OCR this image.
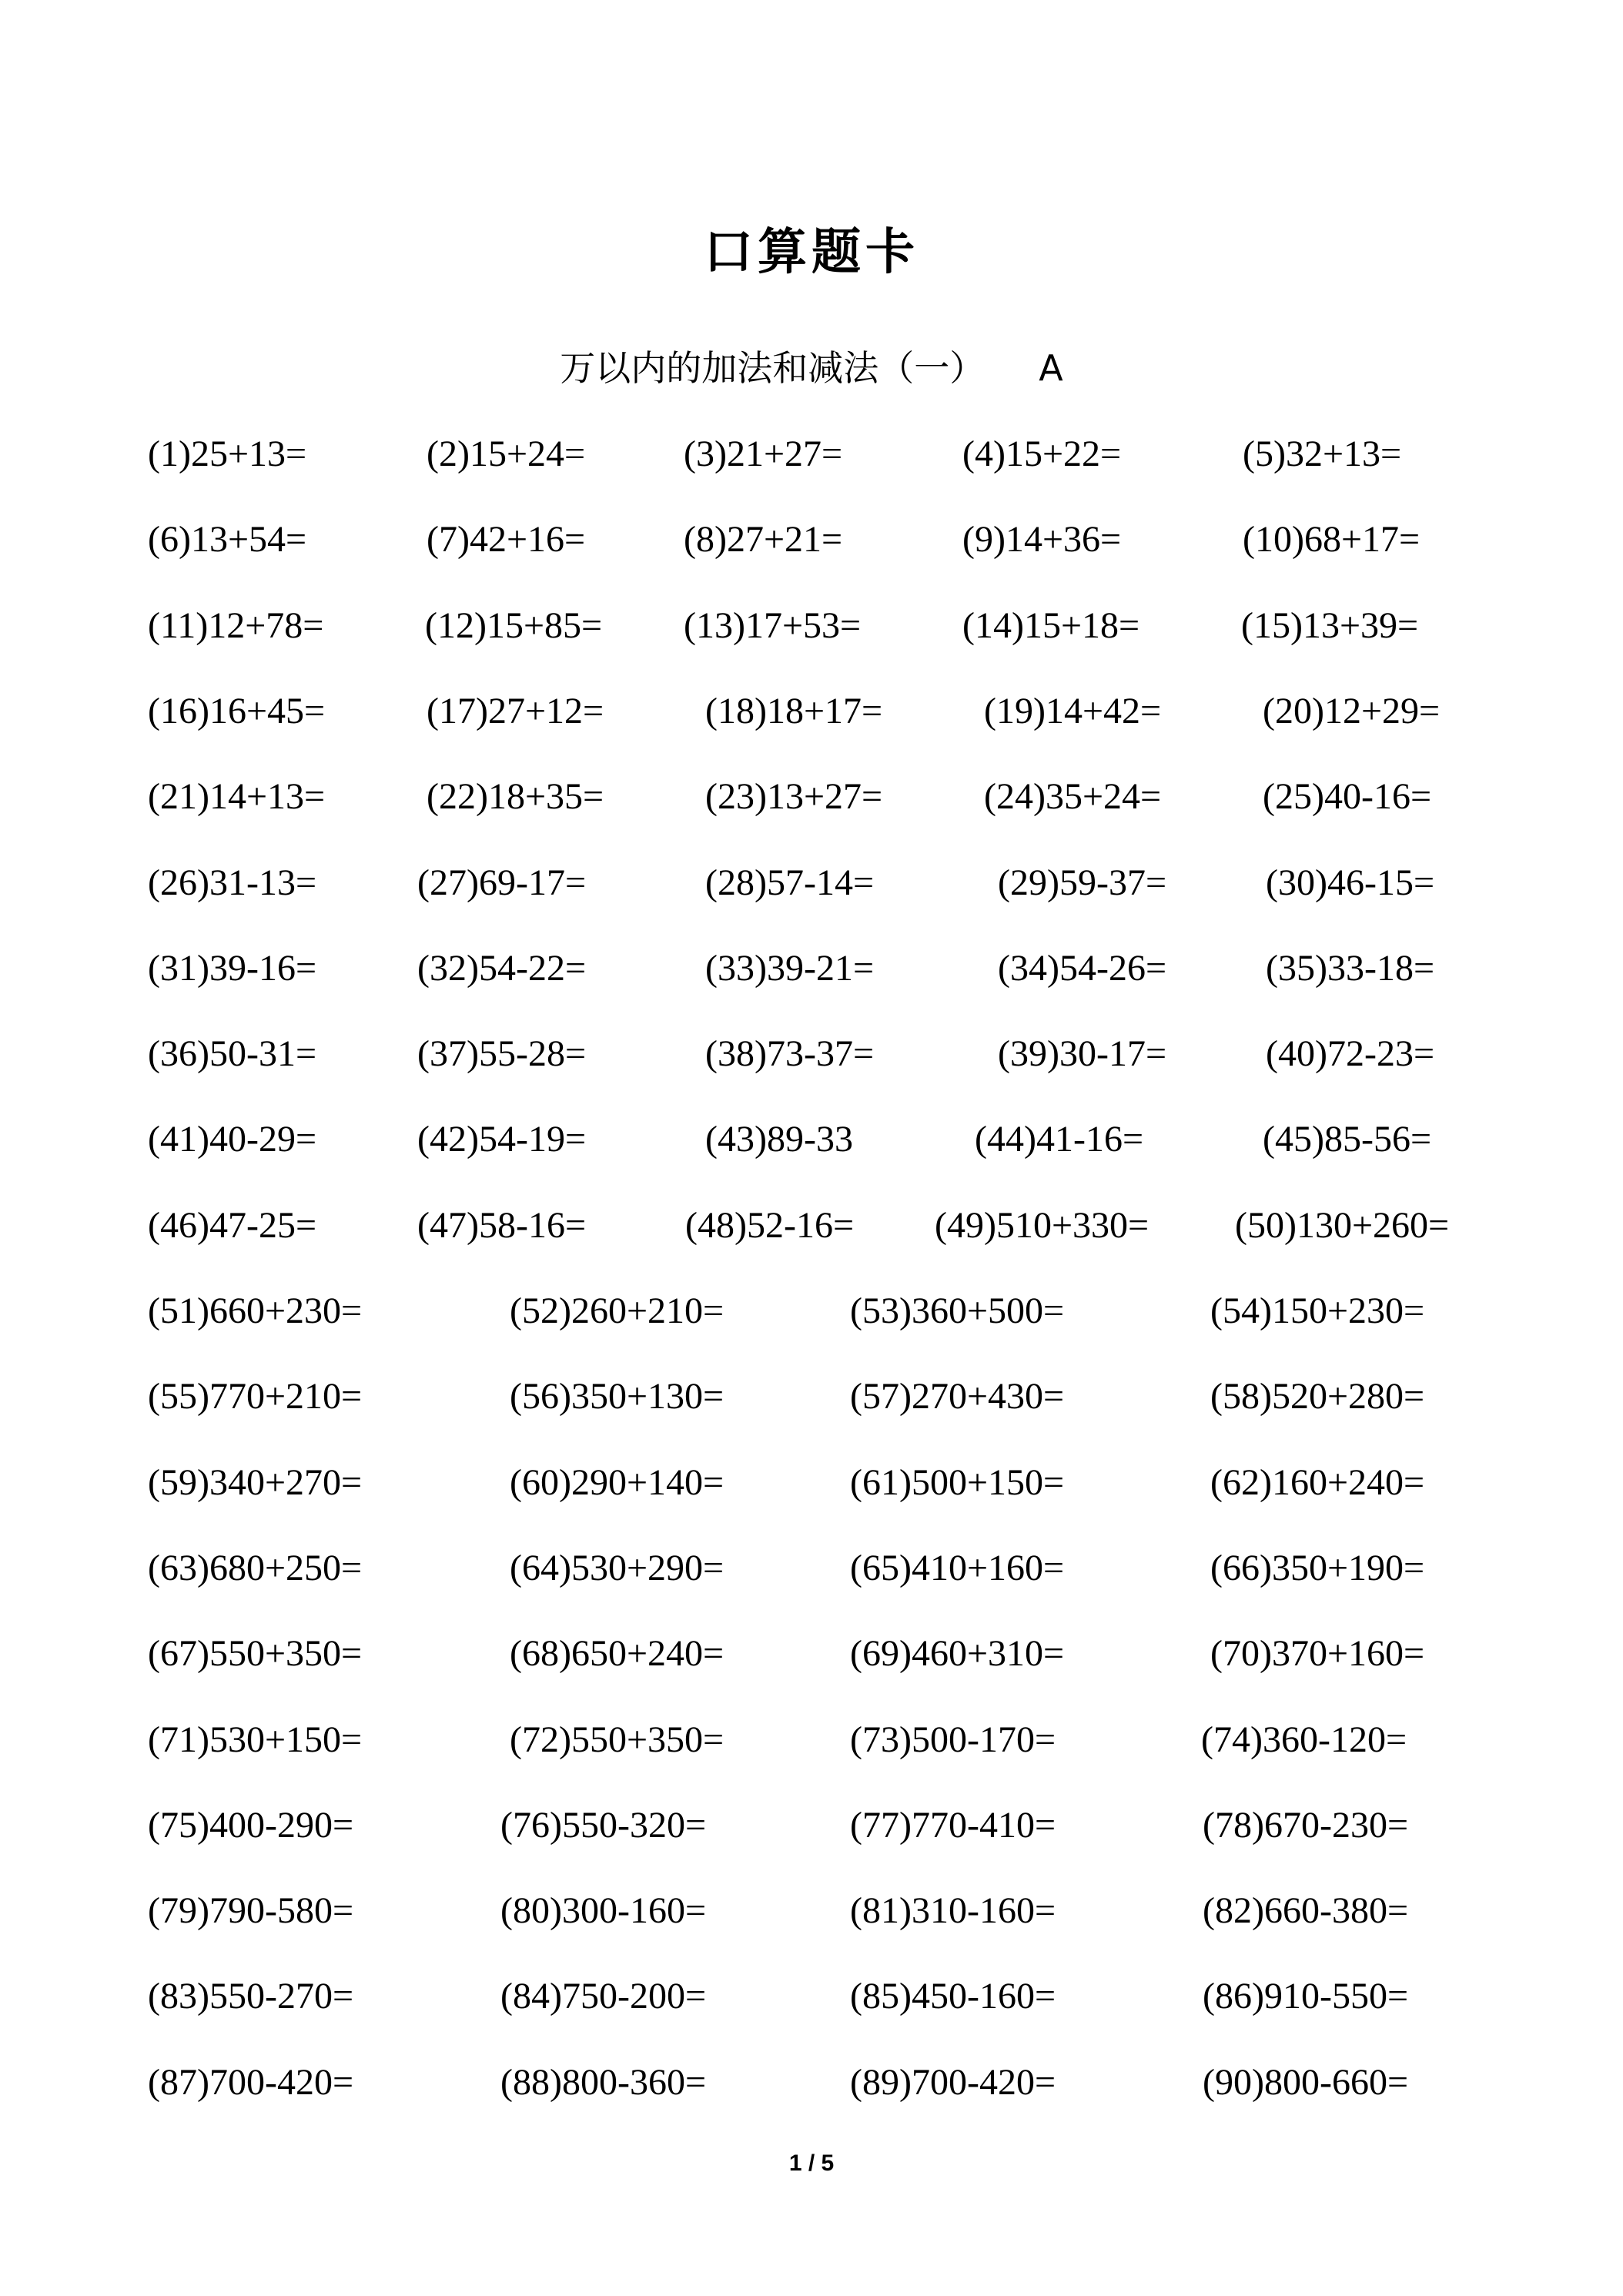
口算题卡
万以内的加法和减法（一） A
(1)25+13=	(2)15+24=	(3)21+27=	(4)15+22=	(5)32+13=
(6)13+54=	(7)42+16=	(8)27+21=	(9)14+36=	(10)68+17=
(11)12+78=	(12)15+85= (13)17+53=	(14)15+18=	(15)13+39=
(16)16+45=	(17)27+12=	(18)18+17=	(19)14+42=	(20)12+29=
(21)14+13=	(22)18+35=	(23)13+27=	(24)35+24=	(25)40-16=
(26)31-13=	(27)69-17=	(28)57-14=	(29)59-37=	(30)46-15=
(31)39-16=	(32)54-22=	(33)39-21=	(34)54-26=	(35)33-18=
(36)50-31=	(37)55-28=	(38)73-37=	(39)30-17=	(40)72-23=
(41)40-29=	(42)54-19=	(43)89-33	(44)41-16=	(45)85-56=
(46)47-25=	(47)58-16=	(48)52-16= (49)510+330= (50)130+260=
(51)660+230=	(52)260+210=	(53)360+500=	(54)150+230=
(55)770+210=	(56)350+130=	(57)270+430=	(58)520+280=
(59)340+270=	(60)290+140=	(61)500+150=	(62)160+240=
(63)680+250=	(64)530+290=	(65)410+160=	(66)350+190=
(67)550+350=	(68)650+240=	(69)460+310=	(70)370+160=
(71)530+150=	(72)550+350=	(73)500-170=	(74)360-120=
(75)400-290=	(76)550-320=	(77)770-410=	(78)670-230=
(79)790-580=	(80)300-160=	(81)310-160=	(82)660-380=
(83)550-270=	(84)750-200=	(85)450-160=	(86)910-550=
(87)700-420=	(88)800-360=	(89)700-420=	(90)800-660=
1 / 5
